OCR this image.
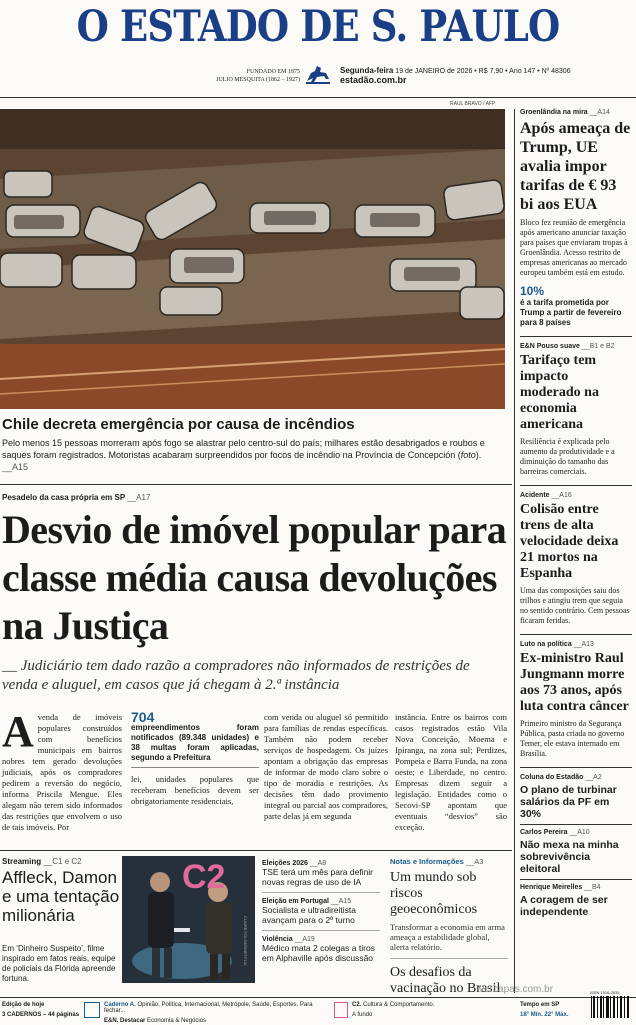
O ESTADO DE S. PAULO
FUNDADO EM 1875
JULIO MESQUITA (1862 – 1927)
Segunda-feira 19 de JANEIRO de 2026 • R$ 7,90 • Ano 147 • Nº 48306
estadão.com.br
RAUL BRAVO / AFP
Chile decreta emergência por causa de incêndios
Pelo menos 15 pessoas morreram após fogo se alastrar pelo centro-sul do país; milhares estão desabrigados e roubos e saques foram registrados. Motoristas acabaram surpreendidos por focos de incêndio na Província de Concepción (foto). __A15
Pesadelo da casa própria em SP __A17
Desvio de imóvel popular para classe média causa devoluções na Justiça
__ Judiciário tem dado razão a compradores não informados de restrições de venda e aluguel, em casos que já chegam à 2.ª instância
Avenda de imóveis populares construídos com benefícios municipais em bairros nobres tem gerado devoluções judiciais, após os compradores pedirem a reversão do negócio, informa Priscila Mengue. Eles alegam não terem sido informados das restrições que envolvem o uso de tais imóveis. Por
704
empreendimentos foram notificados (89.348 unidades) e 38 multas foram aplicadas, segundo a Prefeitura
lei, unidades populares que receberam benefícios devem ser obrigatoriamente residenciais,
com venda ou aluguel só permitido para famílias de rendas específicas. Também não podem receber serviços de hospedagem. Os juízes apontam a obrigação das empresas de informar de modo claro sobre o tipo de moradia e restrições. As decisões têm dado provimento integral ou parcial aos compradores, parte delas já em segunda
instância. Entre os bairros com casos registrados estão Vila Nova Conceição, Moema e Ipiranga, na zona sul; Perdizes, Pompeia e Barra Funda, na zona oeste; e Liberdade, no centro. Empresas dizem seguir a legislação. Entidades como o Secovi-SP apontam que eventuais “desvios” são exceção.
Streaming __C1 e C2
Affleck, Damon e uma tentação milionária
Em ‘Dinheiro Suspeito’, filme inspirado em fatos reais, equipe de policiais da Flórida apreende fortuna.
C2
CLAIRE FOLGER/NETFLIX
Eleições 2026 __A8
TSE terá um mês para definir novas regras de uso de IA
Eleição em Portugal __A15
Socialista e ultradireitista avançam para o 2º turno
Violência __A19
Médico mata 2 colegas a tiros em Alphaville após discussão
Notas e Informações __A3
Um mundo sob riscos geoeconômicos
Transformar a economia em arma ameaça a estabilidade global, alerta relatório.
Os desafios da vacinação no Brasil
Groenlândia na mira __A14
Após ameaça de Trump, UE avalia impor tarifas de € 93 bi aos EUA
Bloco fez reunião de emergência após americano anunciar taxação para países que enviaram tropas à Groenlândia. Acesso restrito de empresas americanas ao mercado europeu também está em estudo.
10%
é a tarifa prometida por Trump a partir de fevereiro para 8 países
E&N Pouso suave __B1 e B2
Tarifaço tem impacto moderado na economia americana
Resiliência é explicada pelo aumento da produtividade e a diminuição do tamanho das barreiras comerciais.
Acidente __A16
Colisão entre trens de alta velocidade deixa 21 mortos na Espanha
Uma das composições saiu dos trilhos e atingiu trem que seguia no sentido contrário. Cem pessoas ficaram feridas.
Luto na política __A13
Ex-ministro Raul Jungmann morre aos 73 anos, após luta contra câncer
Primeiro ministro da Segurança Pública, pasta criada no governo Temer, ele estava internado em Brasília.
Coluna do Estadão __A2
O plano de turbinar salários da PF em 30%
Carlos Pereira __A10
Não mexa na minha sobrevivência eleitoral
Henrique Meirelles __B4
A coragem de ser independente
Edição de hoje
3 CADERNOS – 44 páginas
Caderno A. Opinião, Política, Internacional, Metrópole, Saúde, Esportes, Para fechar...
E&N. Destacar Economia & Negócios
C2. Cultura & Comportamento.
A fundo
Vercapas.com.br
Tempo em SP
18° Mín. 22° Máx.
ISSN 1516-2931
